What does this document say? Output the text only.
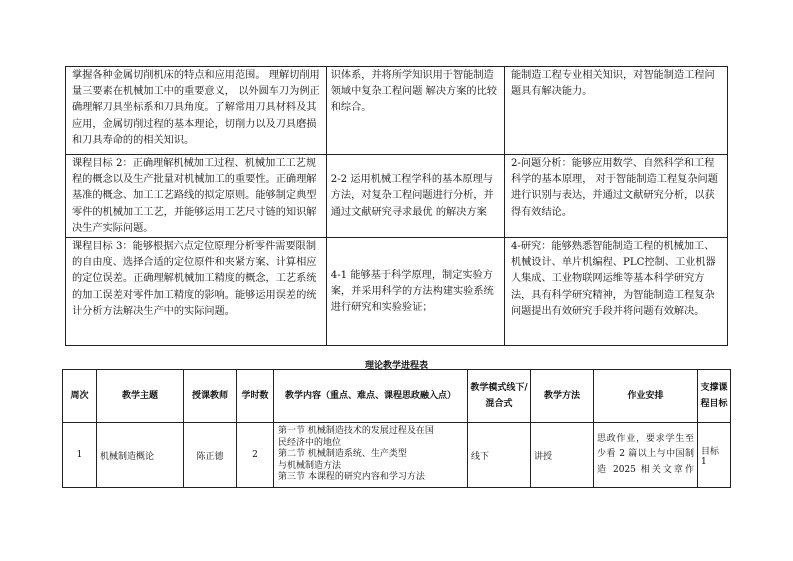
掌握各种金属切削机床的特点和应用范围。 理解切削用量三要素在机械加工中的重要意义， 以外圆车刀为例正确理解刀具坐标系和刀具角度。了解常用刀具材料及其应用，金属切削过程的基本理论，切削力以及刀具磨损和刀具寿命的的相关知识。	识体系，并将所学知识用于智能制造领域中复杂工程问题 解决方案的比较和综合。	能制造工程专业相关知识，对智能制造工程问题具有解决能力。
课程目标 2：正确理解机械加工过程、机械加工工艺规程的概念以及生产批量对机械加工的重要性。正确理解基准的概念、加工工艺路线的拟定原则。能够制定典型零件的机械加工工艺，并能够运用工艺尺寸链的知识解决生产实际问题。	2-2 运用机械工程学科的基本原理与方法，对复杂工程问题进行分析，并通过文献研究寻求最优 的解决方案	2-问题分析：能够应用数学、自然科学和工程科学的基本原理， 对于智能制造工程复杂问题进行识别与表达，并通过文献研究分析，以获得有效结论。
课程目标 3：能够根据六点定位原理分析零件需要限制的自由度、选择合适的定位原件和夹紧方案、计算相应的定位误差。正确理解机械加工精度的概念，工艺系统的加工误差对零件加工精度的影响。能够运用误差的统计分析方法解决生产中的实际问题。	4-1 能够基于科学原理，制定实验方案，并采用科学的方法构建实验系统进行研究和实验验证；	4-研究：能够熟悉智能制造工程的机械加工、机械设计、单片机编程、PLC控制、工业机器人集成、工业物联网运维等基本科学研究方法，具有科学研究精神，为智能制造工程复杂问题提出有效研究手段并将问题有效解决。
理论教学进程表
周次	教学主题	授课教师	学时数	教学内容（重点、难点、课程思政融入点）	教学模式线下/混合式	教学方法	作业安排	支撑课程目标
1	机械制造概论	陈正德	2	第一节 机械制造技术的发展过程及在国
民经济中的地位
第二节 机械制造系统、生产类型
与机械制造方法
第三节 本课程的研究内容和学习方法	线下	讲授	思政作业，要求学生至少看 2 篇以上与中国制造 2025 相关文章作	目标 1
